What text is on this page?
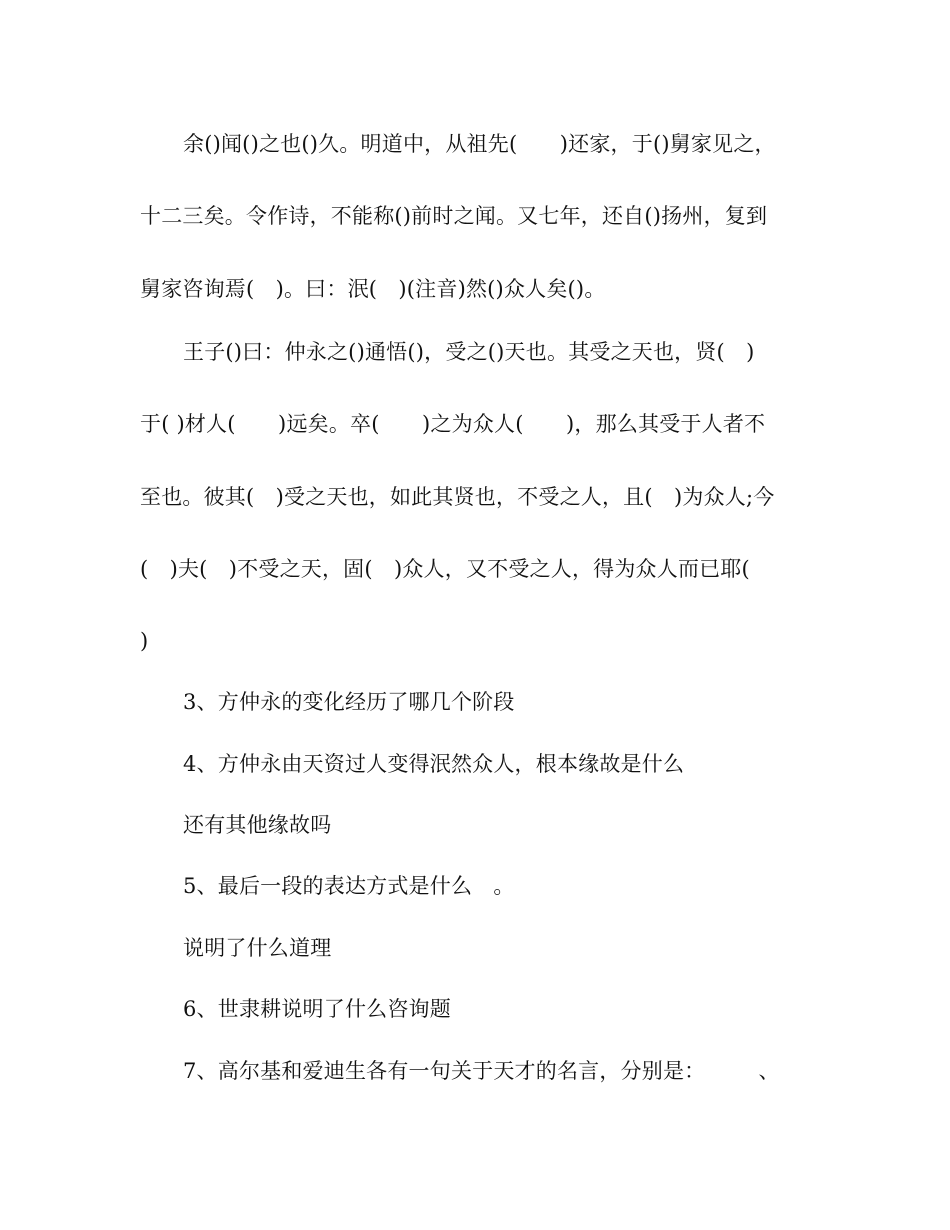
余()闻()之也()久。明道中，从祖先(　　)还家，于()舅家见之，
十二三矣。令作诗，不能称()前时之闻。又七年，还自()扬州，复到
舅家咨询焉(　)。曰：泯(　)(注音)然()众人矣()。
王子()曰：仲永之()通悟()，受之()天也。其受之天也，贤(　)
于( )材人(　　)远矣。卒(　　)之为众人(　　)，那么其受于人者不
至也。彼其(　)受之天也，如此其贤也，不受之人，且(　)为众人;今
(　)夫(　)不受之天，固(　)众人，又不受之人，得为众人而已耶(
)
3、方仲永的变化经历了哪几个阶段
4、方仲永由天资过人变得泯然众人，根本缘故是什么
还有其他缘故吗
5、最后一段的表达方式是什么　。
说明了什么道理
6、世隶耕说明了什么咨询题
7、高尔基和爱迪生各有一句关于天才的名言，分别是：　　　、
